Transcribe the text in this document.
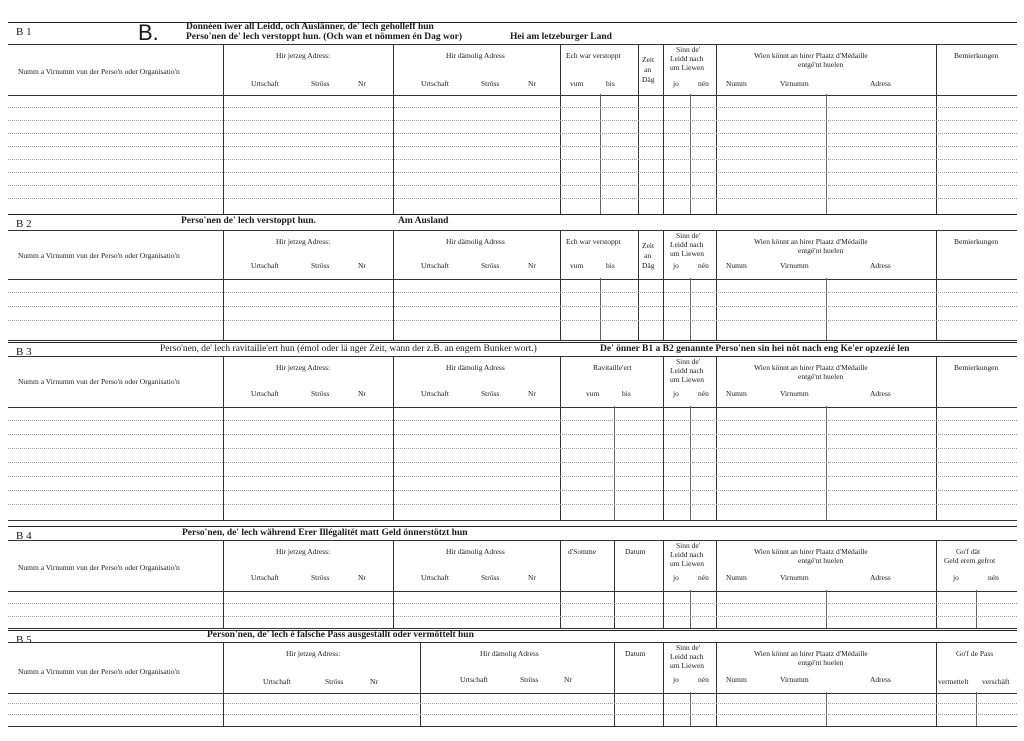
B 1	B.	Donnéen iwer all Leidd, och Auslänner, de' lech geholleff hun
Perso'nen de' lech verstoppt hun. (Och wan et nömmen én Dag wor)	Hei am letzeburger Land
Numm a Virnumm vun der Perso'n oder Organisatio'n
Hir jetzeg Adress:
Urtschaft	Ströss	Nr
Hir dämolig Adress
Urtschaft	Ströss	Nr
Ech war verstoppt
vum	bis
Zeit
an
Däg
Sinn de'
Leidd nach
um Liewen
jo	nén
Wien könnt an hirer Plaatz d'Médaille
entgé'nt huelen
Numm	Virnumm	Adress
Bemierkungen
B 2	Perso'nen de' lech verstoppt hun.	Am Ausland
Numm a Virnumm vun der Perso'n oder Organisatio'n
Hir jetzeg Adress:
Urtschaft	Ströss	Nr
Hir dämolig Adress
Urtschaft	Ströss	Nr
Ech war verstoppt
vum	bis
Zeit
an
Däg
Sinn de'
Leidd nach
um Liewen
jo	nén
Wien könnt an hirer Plaatz d'Médaille
entgé'nt huelen
Numm	Virnumm	Adress
Bemierkungen
B 3	Perso'nen, de' lech ravitaille'ert hun (émol oder lä nger Zeit, wann der z.B. an engem Bunker wort.)	De' önner B1 a B2 genannte Perso'nen sin hei nöt nach eng Ke'er opzezié len
Numm a Virnumm vun der Perso'n oder Organisatio'n
Hir jetzeg Adress:
Urtschaft	Ströss	Nr
Hir dämolig Adress
Urtschaft	Ströss	Nr
Ravitaille'ert
vum	bis
Sinn de'
Leidd nach
um Liewen
jo	nén
Wien könnt an hirer Plaatz d'Médaille
entgé'nt huelen
Numm	Virnumm	Adress
Bemierkungen
B 4	Perso'nen, de' lech während Erer Illégalitét matt Geld önnerstötzt hun
Numm a Virnumm vun der Perso'n oder Organisatio'n
Hir jetzeg Adress:
Urtschaft	Ströss	Nr
Hir dämolig Adress
Urtschaft	Ströss	Nr
d'Somme	Datum
Sinn de'
Leidd nach
um Liewen
jo	nén
Wien könnt an hirer Plaatz d'Médaille
entgé'nt huelen
Numm	Virnumm	Adress
Go'f dät
Geld erem gefrot
jo	nén
B 5	Person'nen, de' lech é falsche Pass ausgestallt oder vermöttelt hun
Numm a Virnumm vun der Perso'n oder Organisatio'n
Hir jetzeg Adress:
Urtschaft	Ströss	Nr
Hir dämolig Adress
Urtschaft	Ströss	Nr
Datum
Sinn de'
Leidd nach
um Liewen
jo	nén
Wien könnt an hirer Plaatz d'Médaille
entgé'nt huelen
Numm	Virnumm	Adress
Go'f de Pass
vermettelt verschäft
